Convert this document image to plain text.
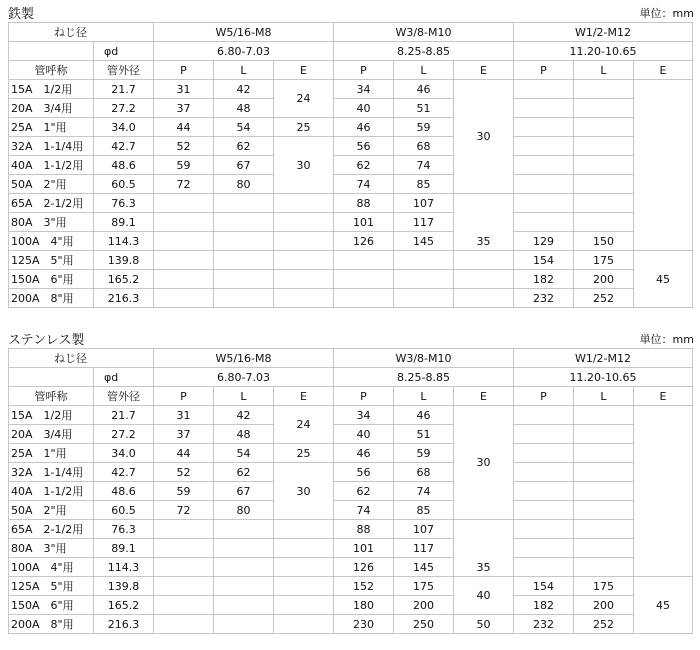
鉄製	単位：mm
ねじ径		W5/16-M8			W3/8-M10			W1/2-M12		
	φd	6.80-7.03			8.25-8.85			11.20-10.65		
管呼称	管外径	P	L	E	P	L	E	P	L	E
15A　1/2用	21.7	31	42	24	34	46	30			
20A　3/4用	27.2	37	48		40	51				
25A　1"用	34.0	44	54	25	46	59				
32A　1-1/4用	42.7	52	62	30	56	68				
40A　1-1/2用	48.6	59	67		62	74				
50A　2"用	60.5	72	80		74	85				
65A　2-1/2用	76.3				88	107	35			
80A　3"用	89.1				101	117				
100A　4"用	114.3				126	145		129	150	
125A　5"用	139.8							154	175	45
150A　6"用	165.2							182	200	
200A　8"用	216.3							232	252	
ステンレス製	単位：mm
ねじ径		W5/16-M8			W3/8-M10			W1/2-M12		
	φd	6.80-7.03			8.25-8.85			11.20-10.65		
管呼称	管外径	P	L	E	P	L	E	P	L	E
15A　1/2用	21.7	31	42	24	34	46	30			
20A　3/4用	27.2	37	48		40	51				
25A　1"用	34.0	44	54	25	46	59				
32A　1-1/4用	42.7	52	62	30	56	68				
40A　1-1/2用	48.6	59	67		62	74				
50A　2"用	60.5	72	80		74	85				
65A　2-1/2用	76.3				88	107	35			
80A　3"用	89.1				101	117				
100A　4"用	114.3				126	145				
125A　5"用	139.8				152	175	40	154	175	45
150A　6"用	165.2				180	200		182	200	
200A　8"用	216.3				230	250	50	232	252	
